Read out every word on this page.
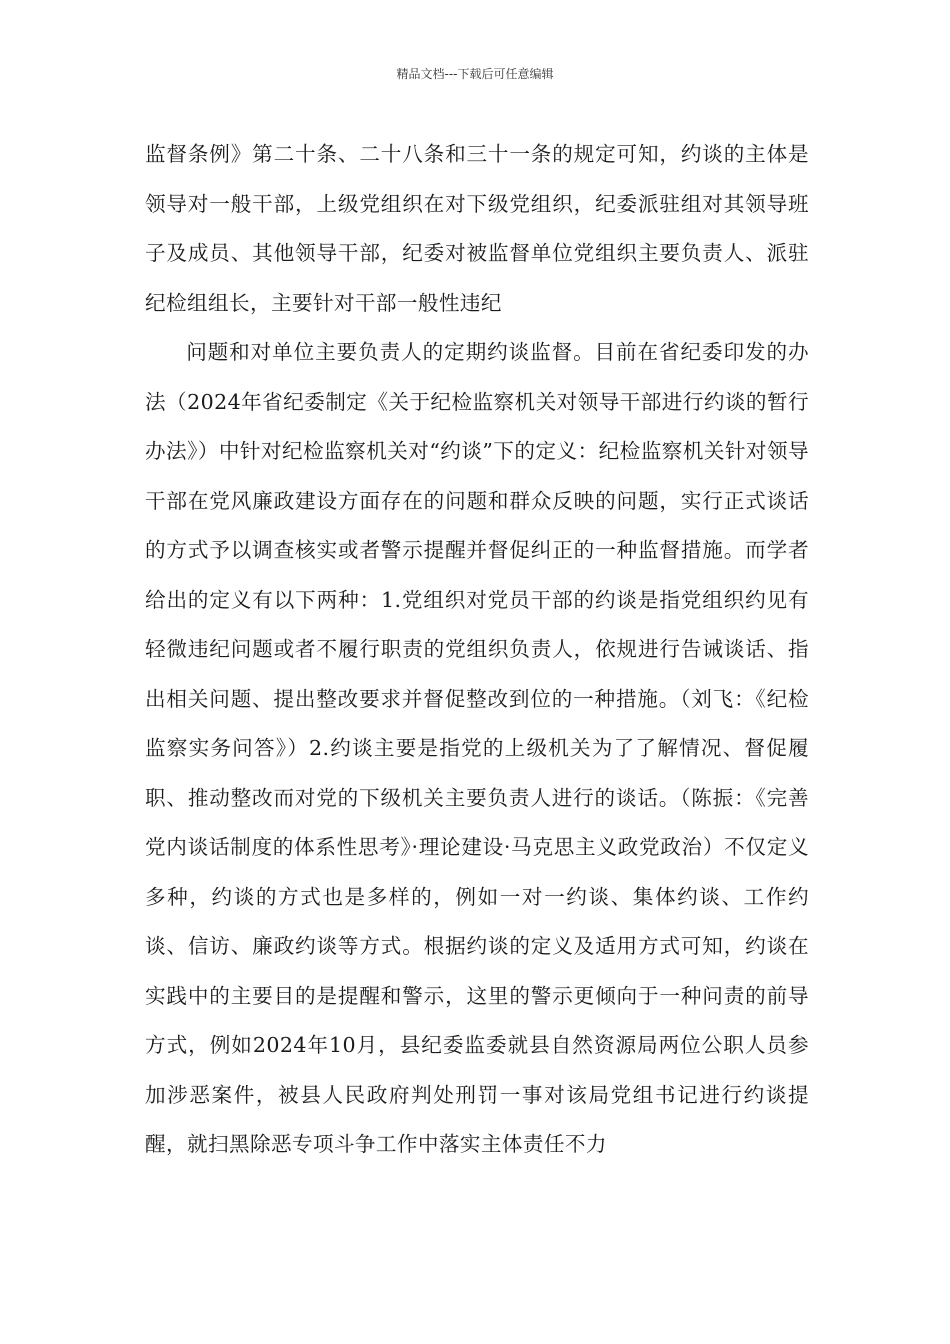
精品文档---下载后可任意编辑

监督条例》第二十条、二十八条和三十一条的规定可知，约谈的主体是领导对一般干部，上级党组织在对下级党组织，纪委派驻组对其领导班子及成员、其他领导干部，纪委对被监督单位党组织主要负责人、派驻纪检组组长，主要针对干部一般性违纪

问题和对单位主要负责人的定期约谈监督。目前在省纪委印发的办法（2024年省纪委制定《关于纪检监察机关对领导干部进行约谈的暂行办法》）中针对纪检监察机关对“约谈”下的定义：纪检监察机关针对领导干部在党风廉政建设方面存在的问题和群众反映的问题，实行正式谈话的方式予以调查核实或者警示提醒并督促纠正的一种监督措施。而学者给出的定义有以下两种：1.党组织对党员干部的约谈是指党组织约见有轻微违纪问题或者不履行职责的党组织负责人，依规进行告诫谈话、指出相关问题、提出整改要求并督促整改到位的一种措施。（刘飞：《纪检监察实务问答》）2.约谈主要是指党的上级机关为了了解情况、督促履职、推动整改而对党的下级机关主要负责人进行的谈话。（陈振：《完善党内谈话制度的体系性思考》·理论建设·马克思主义政党政治）不仅定义多种，约谈的方式也是多样的，例如一对一约谈、集体约谈、工作约谈、信访、廉政约谈等方式。根据约谈的定义及适用方式可知，约谈在实践中的主要目的是提醒和警示，这里的警示更倾向于一种问责的前导方式，例如2024年10月，县纪委监委就县自然资源局两位公职人员参加涉恶案件，被县人民政府判处刑罚一事对该局党组书记进行约谈提醒，就扫黑除恶专项斗争工作中落实主体责任不力
